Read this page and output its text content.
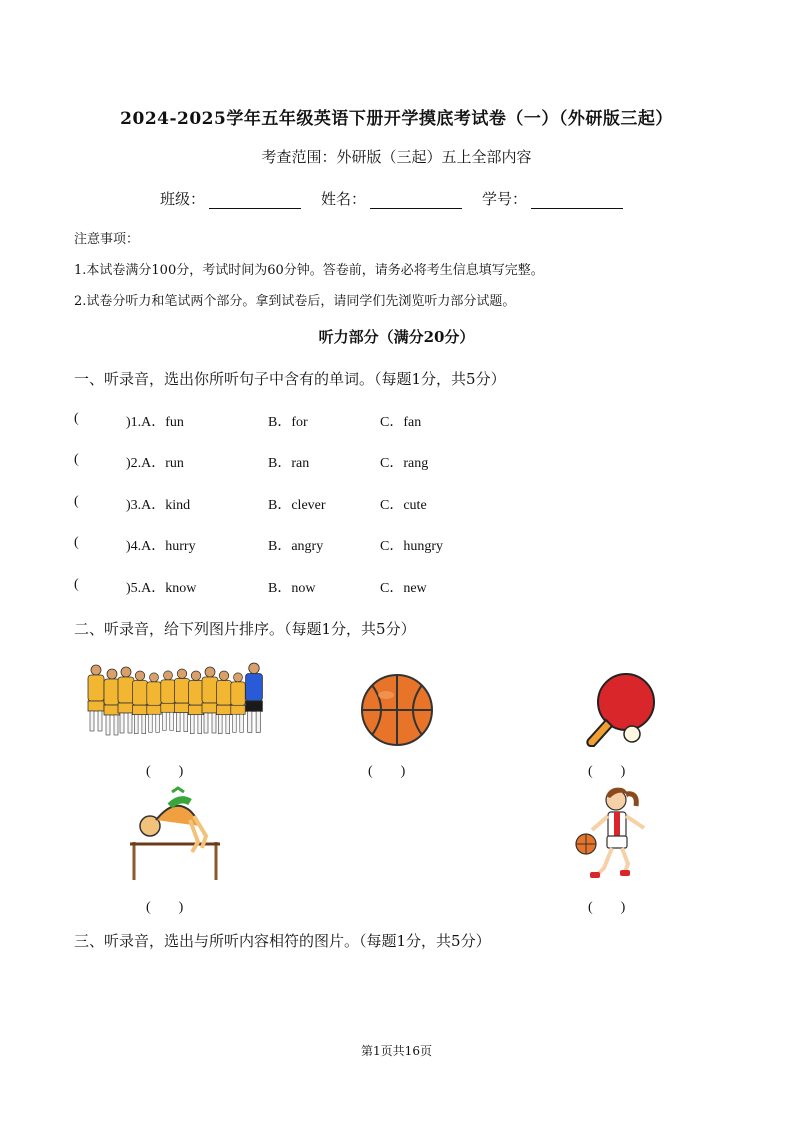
2024-2025学年五年级英语下册开学摸底考试卷（一）（外研版三起）
考查范围：外研版（三起）五上全部内容
班级：	姓名：	学号：
注意事项：
1.本试卷满分100分，考试时间为60分钟。答卷前，请务必将考生信息填写完整。
2.试卷分听力和笔试两个部分。拿到试卷后，请同学们先浏览听力部分试题。
听力部分（满分20分）
一、听录音，选出你所听句子中含有的单词。（每题1分，共5分）
(	)1.A．fun	B．for	C．fan
(	)2.A．run	B．ran	C．rang
(	)3.A．kind	B．clever	C．cute
(	)4.A．hurry	B．angry	C．hungry
(	)5.A．know	B．now	C．new
二、听录音，给下列图片排序。（每题1分，共5分）
(　　)	(　　)	(　　)
(　　)	(　　)
三、听录音，选出与所听内容相符的图片。（每题1分，共5分）
第1页共16页
